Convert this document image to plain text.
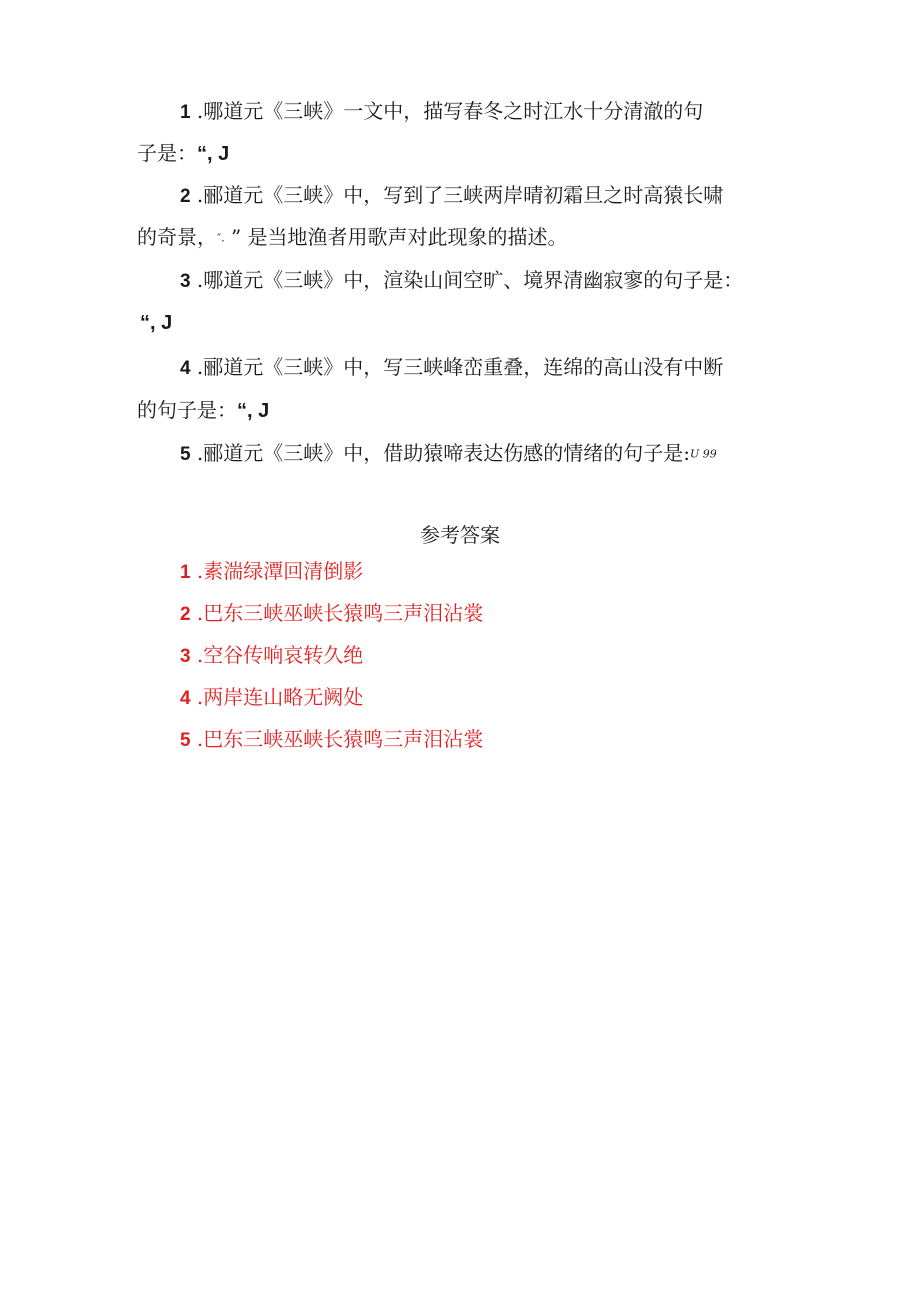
1 .哪道元《三峡》一文中，描写春冬之时江水十分清澈的句
子是：“, J
2 .郦道元《三峡》中，写到了三峡两岸晴初霜旦之时高猿长啸
的奇景，″. ” 是当地渔者用歌声对此现象的描述。
3 .哪道元《三峡》中，渲染山间空旷、境界清幽寂寥的句子是：
“, J
4 .郦道元《三峡》中，写三峡峰峦重叠，连绵的高山没有中断
的句子是：“, J
5 .郦道元《三峡》中，借助猿啼表达伤感的情绪的句子是:U 99
参考答案
1 .素湍绿潭回清倒影
2 .巴东三峡巫峡长猿鸣三声泪沾裳
3 .空谷传响哀转久绝
4 .两岸连山略无阙处
5 .巴东三峡巫峡长猿鸣三声泪沾裳
